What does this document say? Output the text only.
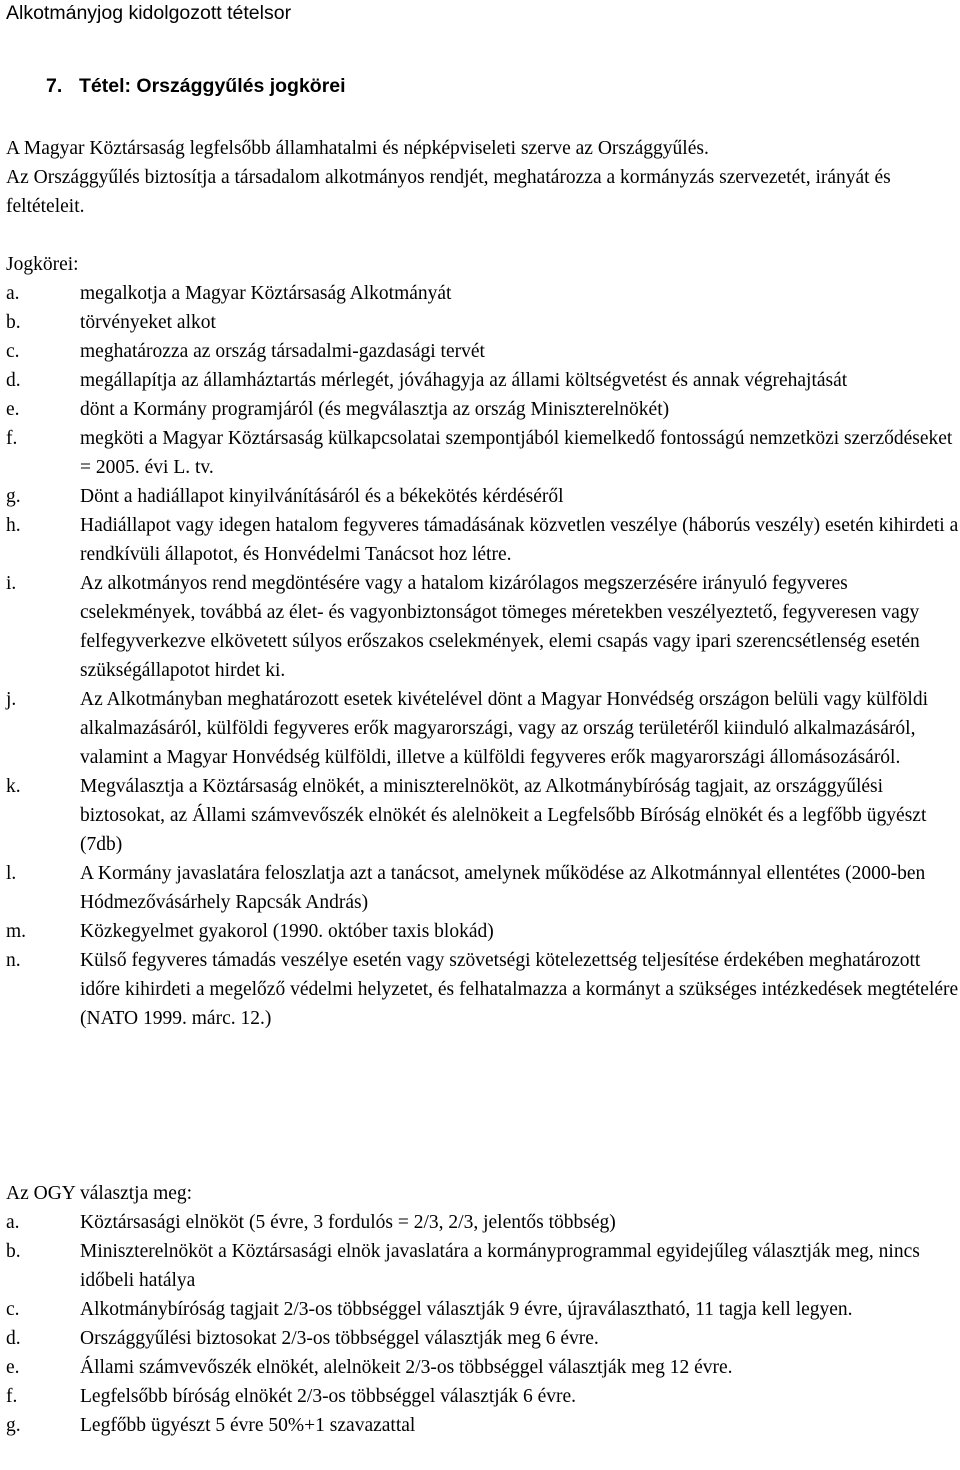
Alkotmányjog kidolgozott tételsor
7. Tétel: Országgyűlés jogkörei

A Magyar Köztársaság legfelsőbb államhatalmi és népképviseleti szerve az Országgyűlés.

Az Országgyűlés biztosítja a társadalom alkotmányos rendjét, meghatározza a kormányzás szervezetét, irányát és feltételeit.

Jogkörei:
a.	megalkotja a Magyar Köztársaság Alkotmányát
b.	törvényeket alkot
c.	meghatározza az ország társadalmi-gazdasági tervét
d.	megállapítja az államháztartás mérlegét, jóváhagyja az állami költségvetést és annak végrehajtását
e.	dönt a Kormány programjáról (és megválasztja az ország Miniszterelnökét)
f.	megköti a Magyar Köztársaság külkapcsolatai szempontjából kiemelkedő fontosságú nemzetközi szerződéseket = 2005. évi L. tv.
g.	Dönt a hadiállapot kinyilvánításáról és a békekötés kérdéséről
h.	Hadiállapot vagy idegen hatalom fegyveres támadásának közvetlen veszélye (háborús veszély) esetén kihirdeti a rendkívüli állapotot, és Honvédelmi Tanácsot hoz létre.
i.	Az alkotmányos rend megdöntésére vagy a hatalom kizárólagos megszerzésére irányuló fegyveres cselekmények, továbbá az élet- és vagyonbiztonságot tömeges méretekben veszélyeztető, fegyveresen vagy felfegyverkezve elkövetett súlyos erőszakos cselekmények, elemi csapás vagy ipari szerencsétlenség esetén szükségállapotot hirdet ki.
j.	Az Alkotmányban meghatározott esetek kivételével dönt a Magyar Honvédség országon belüli vagy külföldi alkalmazásáról, külföldi fegyveres erők magyarországi, vagy az ország területéről kiinduló alkalmazásáról, valamint a Magyar Honvédség külföldi, illetve a külföldi fegyveres erők magyarországi állomásozásáról.
k.	Megválasztja a Köztársaság elnökét, a miniszterelnököt, az Alkotmánybíróság tagjait, az országgyűlési biztosokat, az Állami számvevőszék elnökét és alelnökeit a Legfelsőbb Bíróság elnökét és a legfőbb ügyészt (7db)
l.	A Kormány javaslatára feloszlatja azt a tanácsot, amelynek működése az Alkotmánnyal ellentétes (2000-ben Hódmezővásárhely Rapcsák András)
m.	Közkegyelmet gyakorol (1990. október taxis blokád)
n.	Külső fegyveres támadás veszélye esetén vagy szövetségi kötelezettség teljesítése érdekében meghatározott időre kihirdeti a megelőző védelmi helyzetet, és felhatalmazza a kormányt a szükséges intézkedések megtételére (NATO 1999. márc. 12.)
Az OGY választja meg:
a.	Köztársasági elnököt (5 évre, 3 fordulós = 2/3, 2/3, jelentős többség)
b.	Miniszterelnököt a Köztársasági elnök javaslatára a kormányprogrammal egyidejűleg választják meg, nincs időbeli hatálya
c.	Alkotmánybíróság tagjait 2/3-os többséggel választják 9 évre, újraválasztható, 11 tagja kell legyen.
d.	Országgyűlési biztosokat 2/3-os többséggel választják meg 6 évre.
e.	Állami számvevőszék elnökét, alelnökeit 2/3-os többséggel választják meg 12 évre.
f.	Legfelsőbb bíróság elnökét 2/3-os többséggel választják 6 évre.
g.	Legfőbb ügyészt 5 évre 50%+1 szavazattal
